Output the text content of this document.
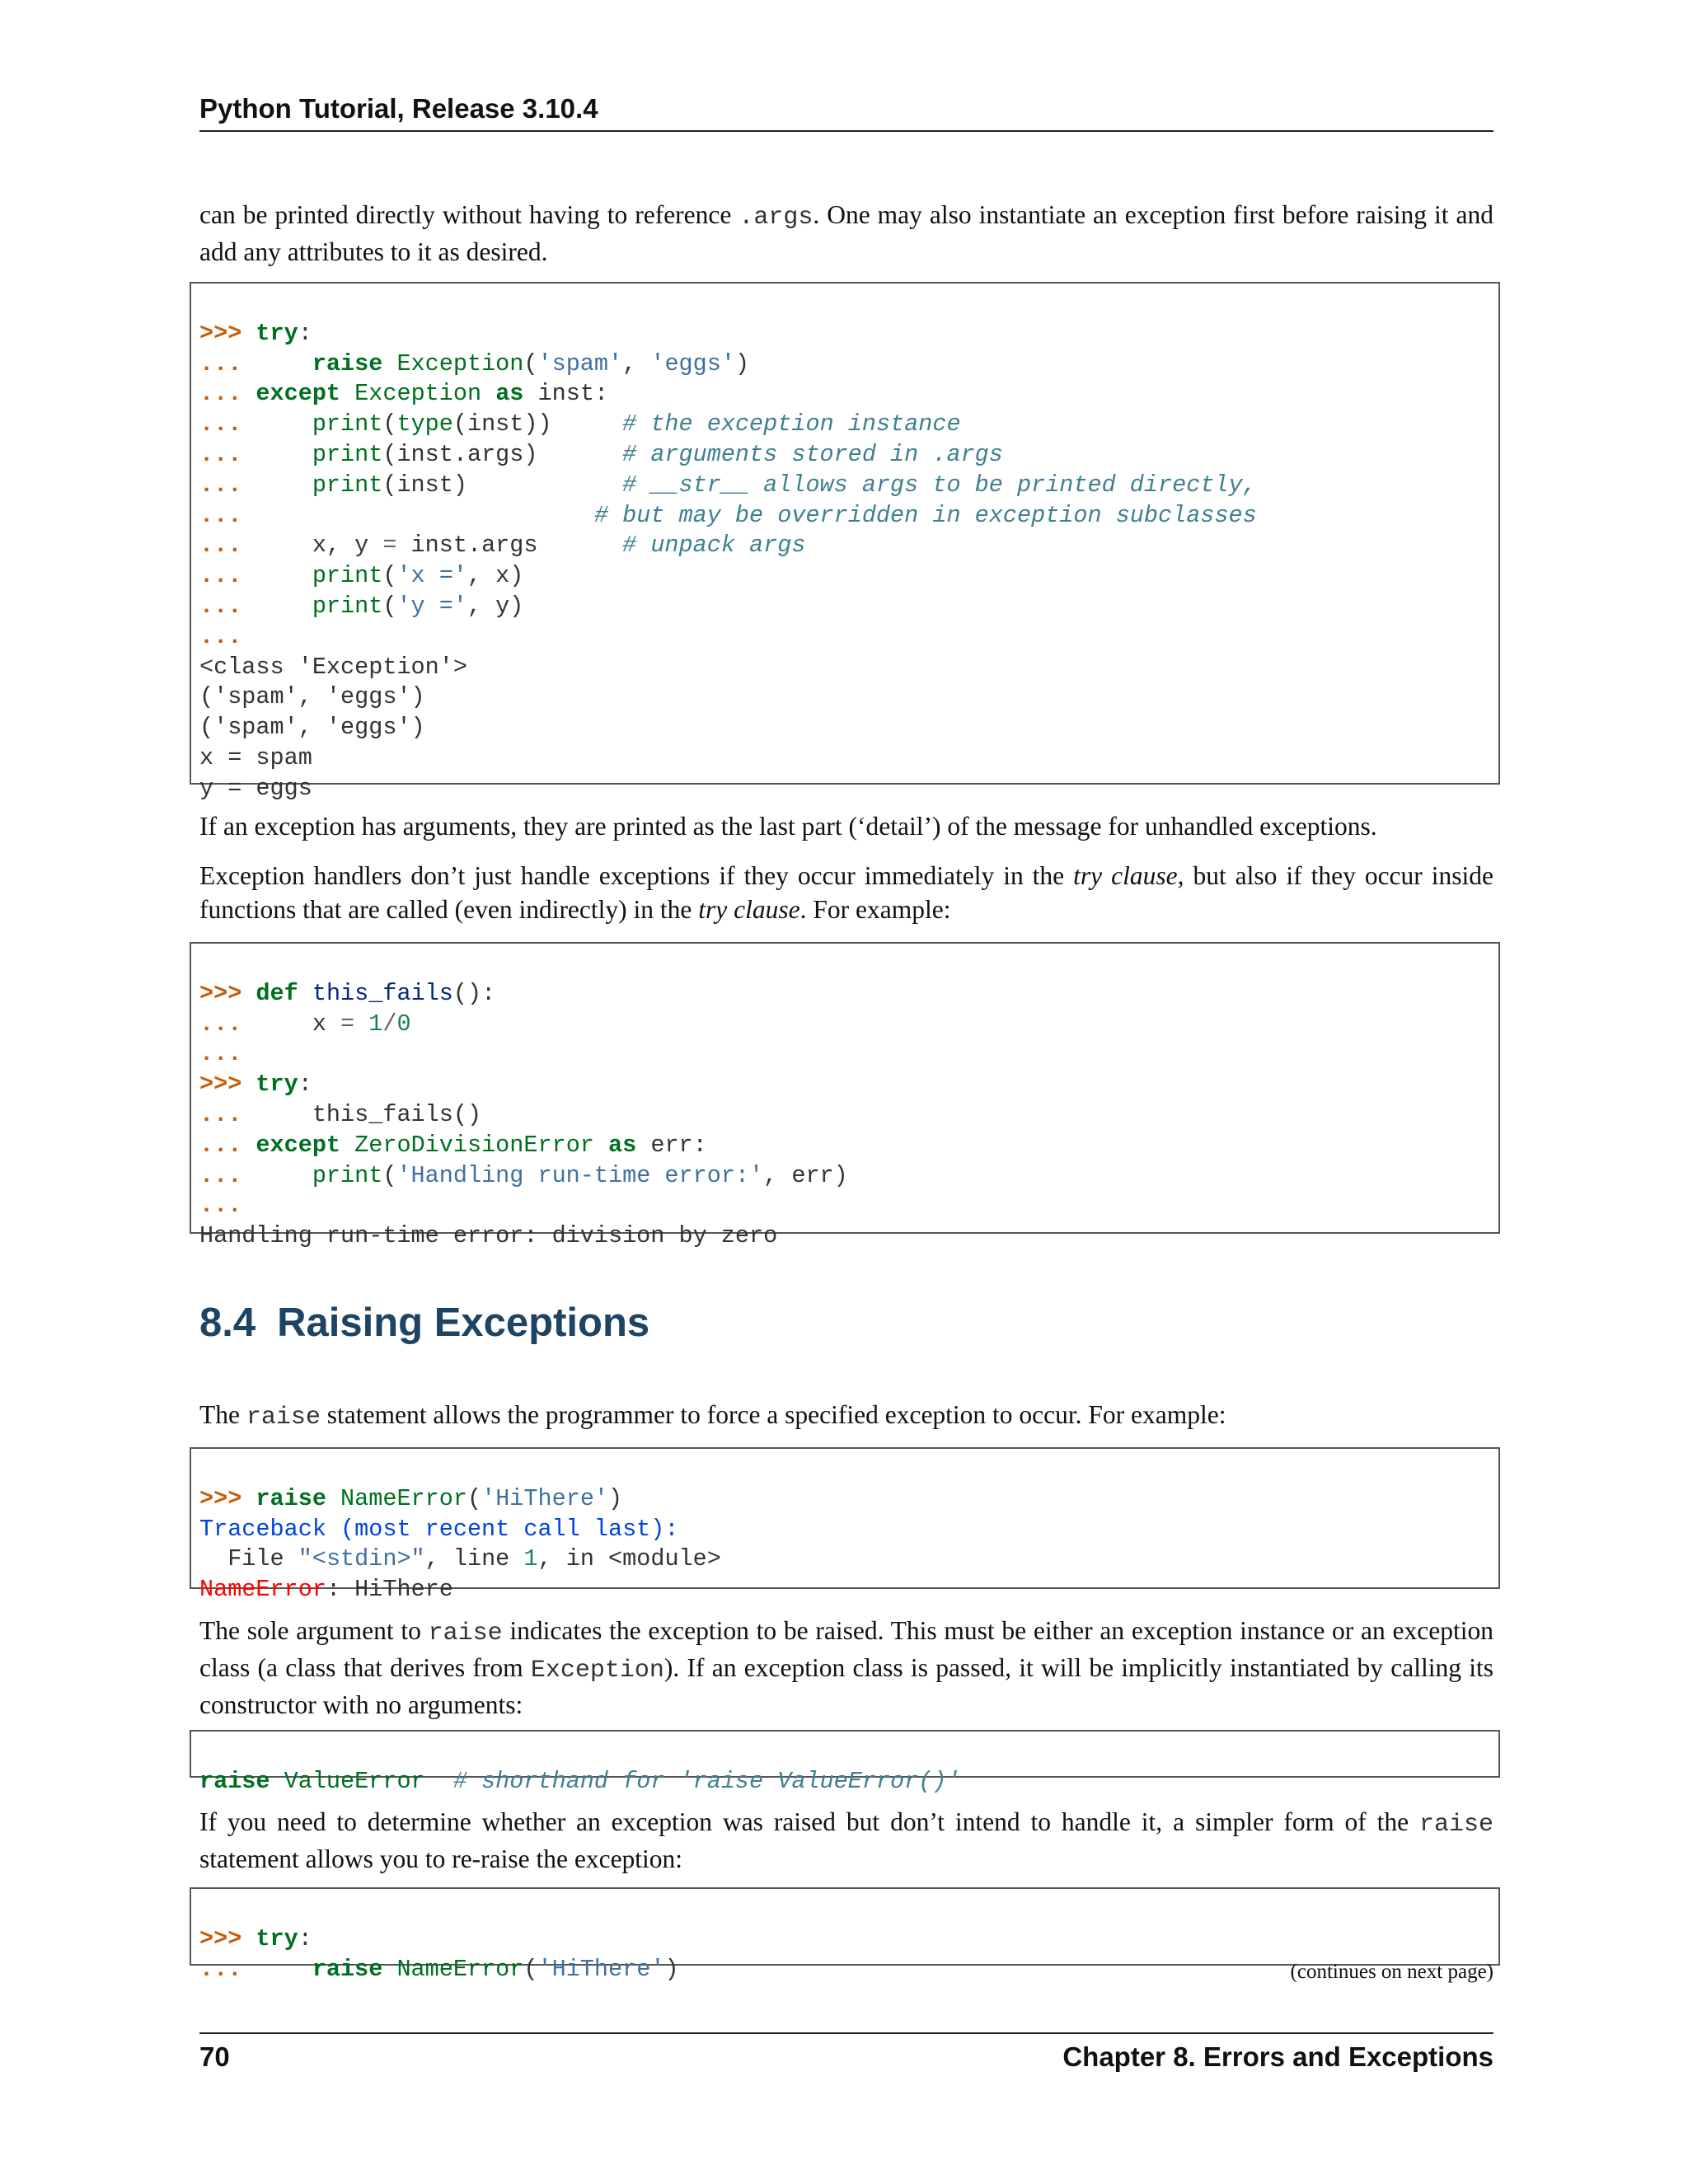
Python Tutorial, Release 3.10.4

can be printed directly without having to reference .args. One may also instantiate an exception first before raising it and add any attributes to it as desired.

>>> try:
...	raise Exception('spam', 'eggs')
... except Exception as inst:
...	print(type(inst))	# the exception instance
...	print(inst.args)	# arguments stored in .args
...	print(inst)	# __str__ allows args to be printed directly,
...	# but may be overridden in exception subclasses
...	x, y = inst.args	# unpack args
...	print('x =', x)
...	print('y =', y)
...
<class 'Exception'>
('spam', 'eggs')
('spam', 'eggs')
x = spam
y = eggs

If an exception has arguments, they are printed as the last part (‘detail’) of the message for unhandled exceptions.

Exception handlers don’t just handle exceptions if they occur immediately in the try clause, but also if they occur inside functions that are called (even indirectly) in the try clause. For example:

>>> def this_fails():
...	x = 1/0
...
>>> try:
...	this_fails()
... except ZeroDivisionError as err:
...	print('Handling run-time error:', err)
...
Handling run-time error: division by zero
8.4 Raising Exceptions

The raise statement allows the programmer to force a specified exception to occur. For example:

>>> raise NameError('HiThere')
Traceback (most recent call last):
File "<stdin>", line 1, in <module>
NameError: HiThere

The sole argument to raise indicates the exception to be raised. This must be either an exception instance or an exception class (a class that derives from Exception). If an exception class is passed, it will be implicitly instantiated by calling its constructor with no arguments:

raise ValueError # shorthand for 'raise ValueError()'

If you need to determine whether an exception was raised but don’t intend to handle it, a simpler form of the raise statement allows you to re-raise the exception:

>>> try:
...	raise NameError('HiThere')	(continues on next page)
70	Chapter 8. Errors and Exceptions
